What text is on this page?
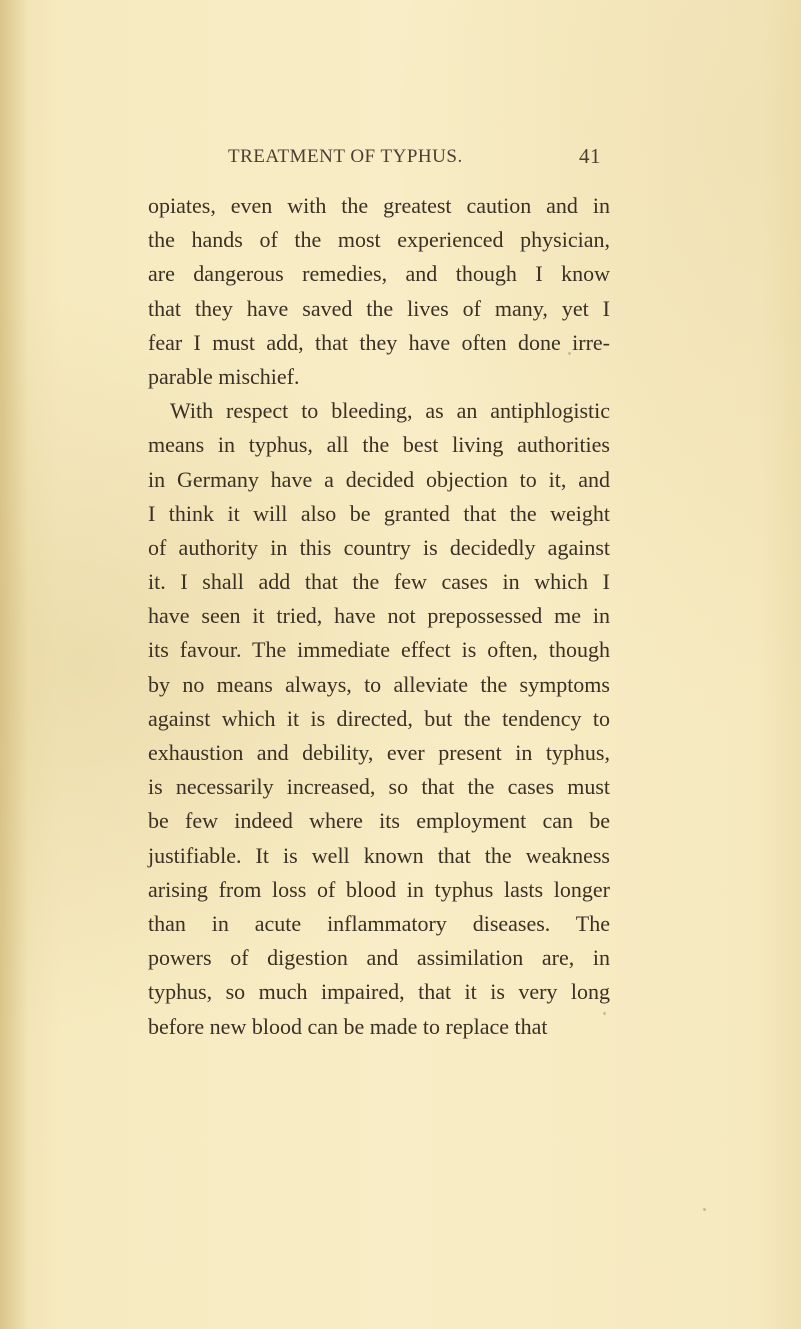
TREATMENT OF TYPHUS.	41
opiates, even with the greatest caution and in
the hands of the most experienced physician,
are dangerous remedies, and though I know
that they have saved the lives of many, yet I
fear I must add, that they have often done irre-
parable mischief.
With respect to bleeding, as an antiphlogistic
means in typhus, all the best living authorities
in Germany have a decided objection to it, and
I think it will also be granted that the weight
of authority in this country is decidedly against
it. I shall add that the few cases in which I
have seen it tried, have not prepossessed me in
its favour. The immediate effect is often, though
by no means always, to alleviate the symptoms
against which it is directed, but the tendency to
exhaustion and debility, ever present in typhus,
is necessarily increased, so that the cases must
be few indeed where its employment can be
justifiable. It is well known that the weakness
arising from loss of blood in typhus lasts longer
than in acute inflammatory diseases. The
powers of digestion and assimilation are, in
typhus, so much impaired, that it is very long
before new blood can be made to replace that
